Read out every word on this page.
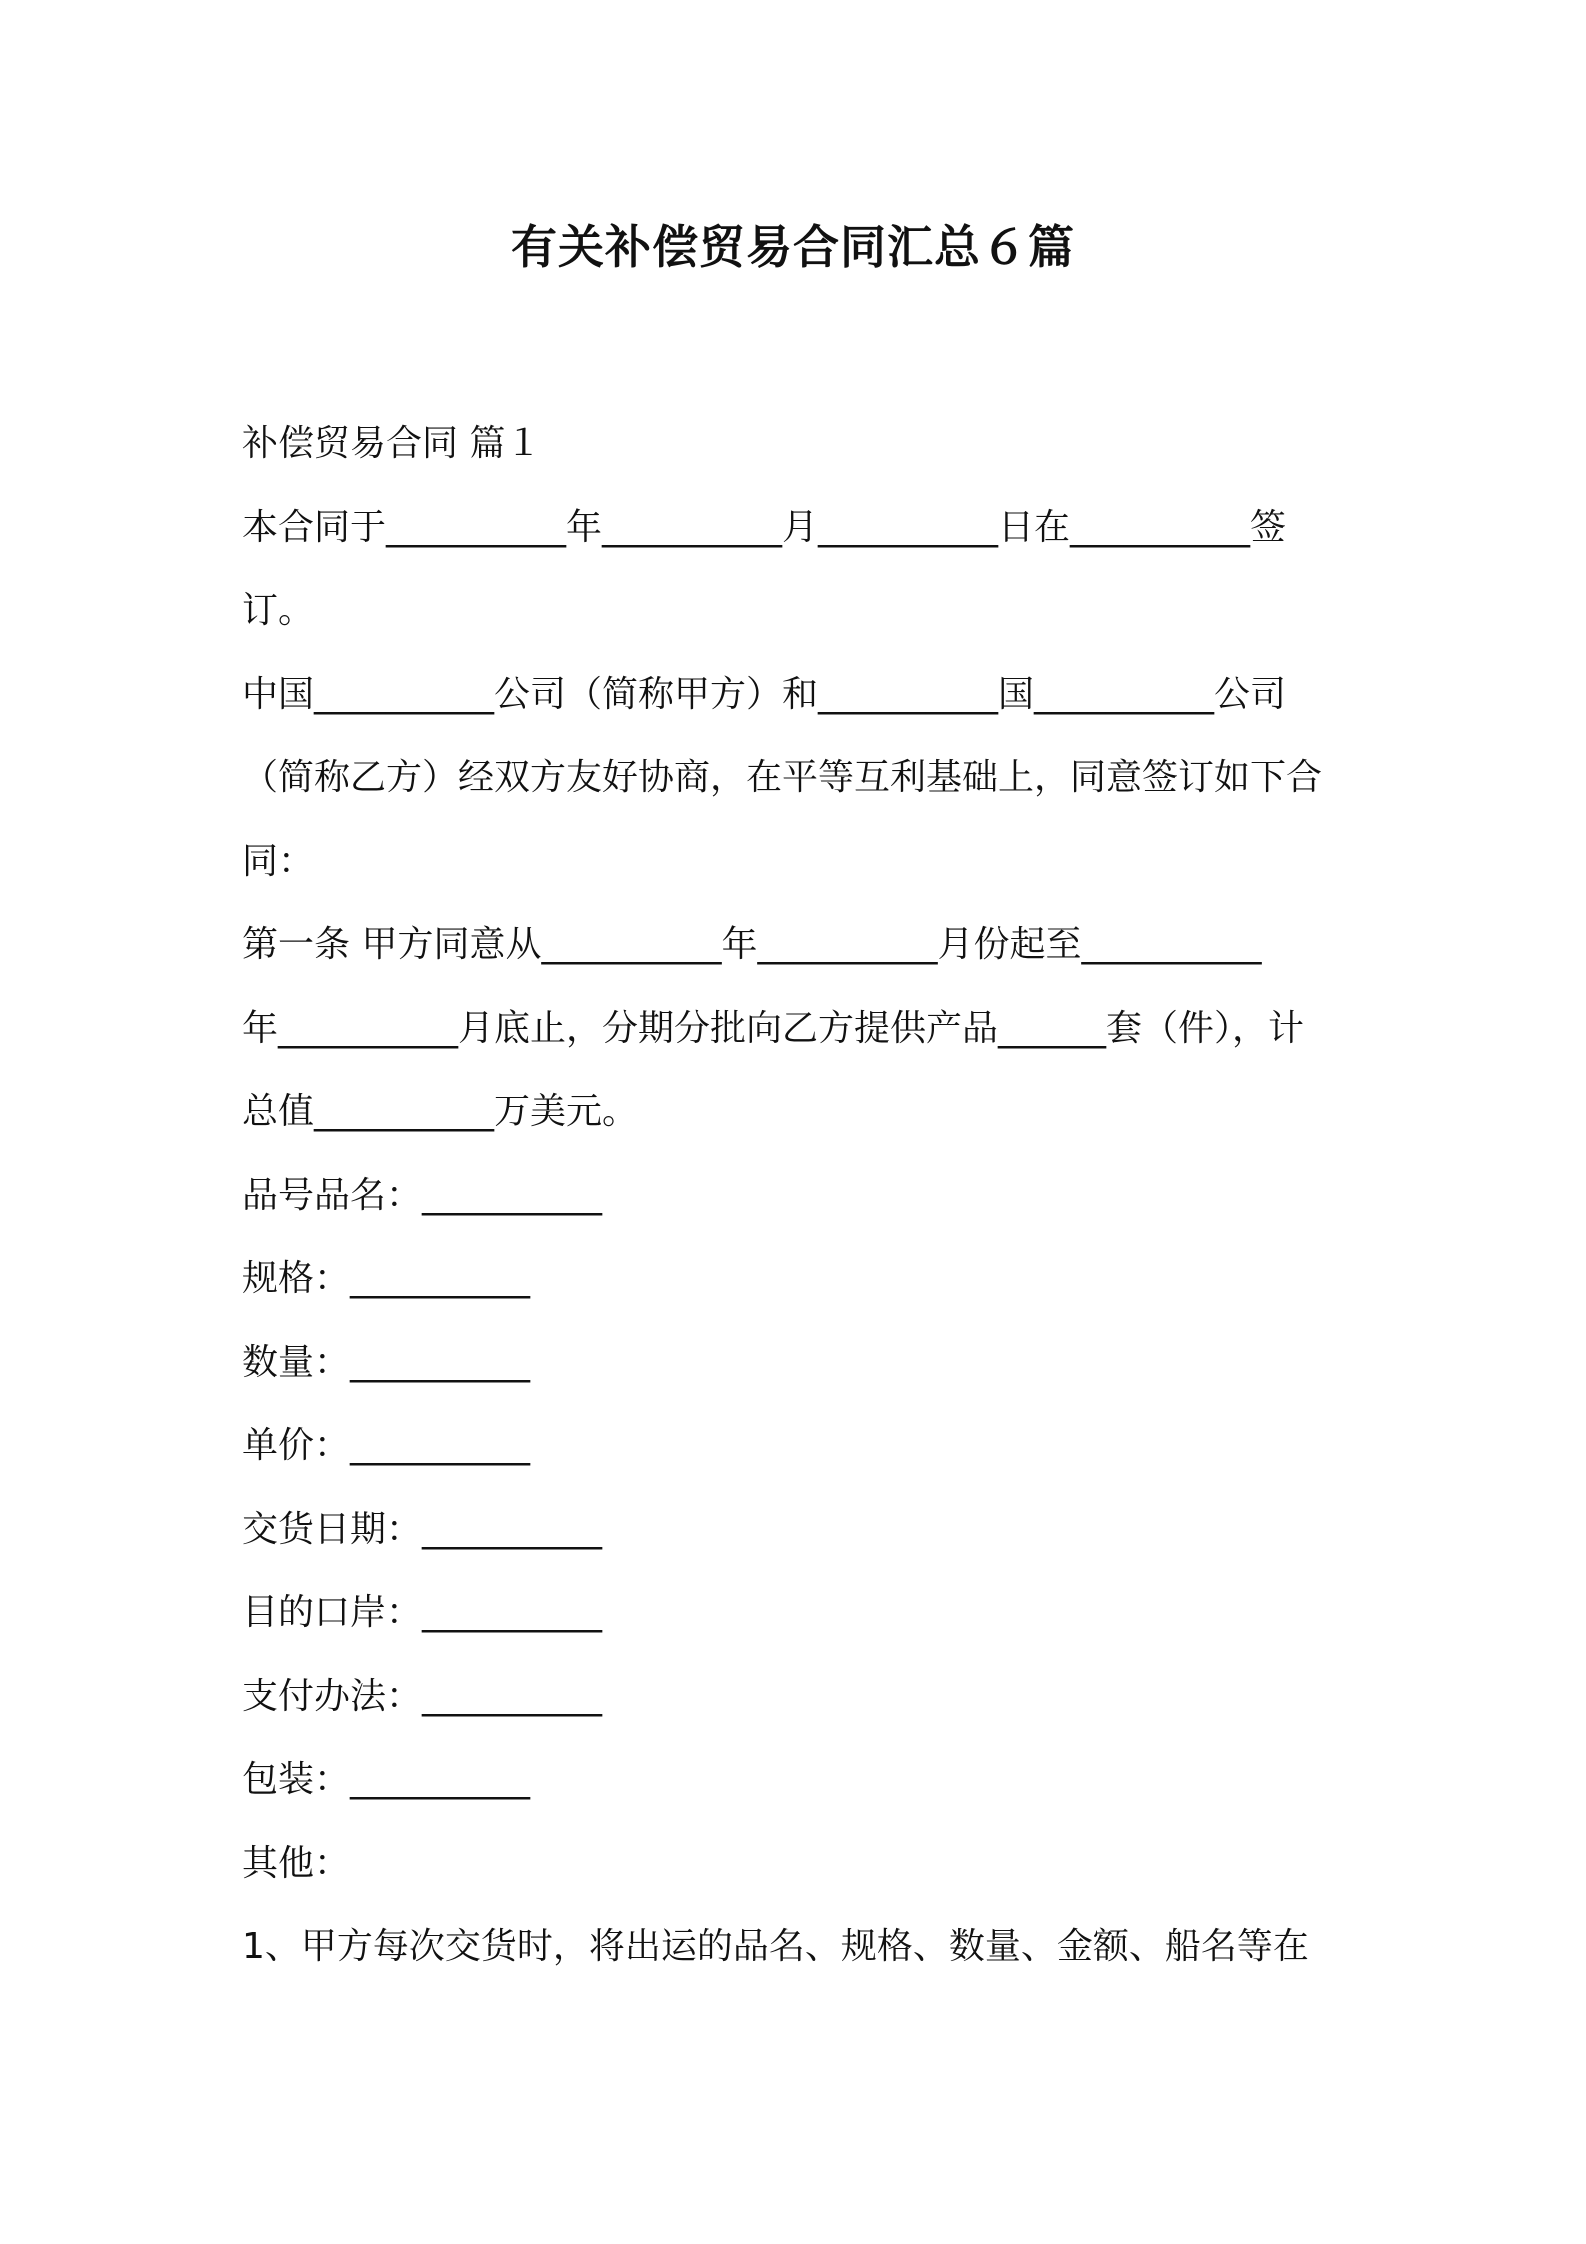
有关补偿贸易合同汇总６篇

补偿贸易合同 篇１

本合同于__________年__________月__________日在__________签

订。

中国__________公司（简称甲方）和__________国__________公司

（简称乙方）经双方友好协商，在平等互利基础上，同意签订如下合

同：

第一条 甲方同意从__________年__________月份起至__________

年__________月底止，分期分批向乙方提供产品______套（件），计

总值__________万美元。

品号品名：__________

规格：__________

数量：__________

单价：__________

交货日期：__________

目的口岸：__________

支付办法：__________

包装：__________

其他：

1、甲方每次交货时，将出运的品名、规格、数量、金额、船名等在
